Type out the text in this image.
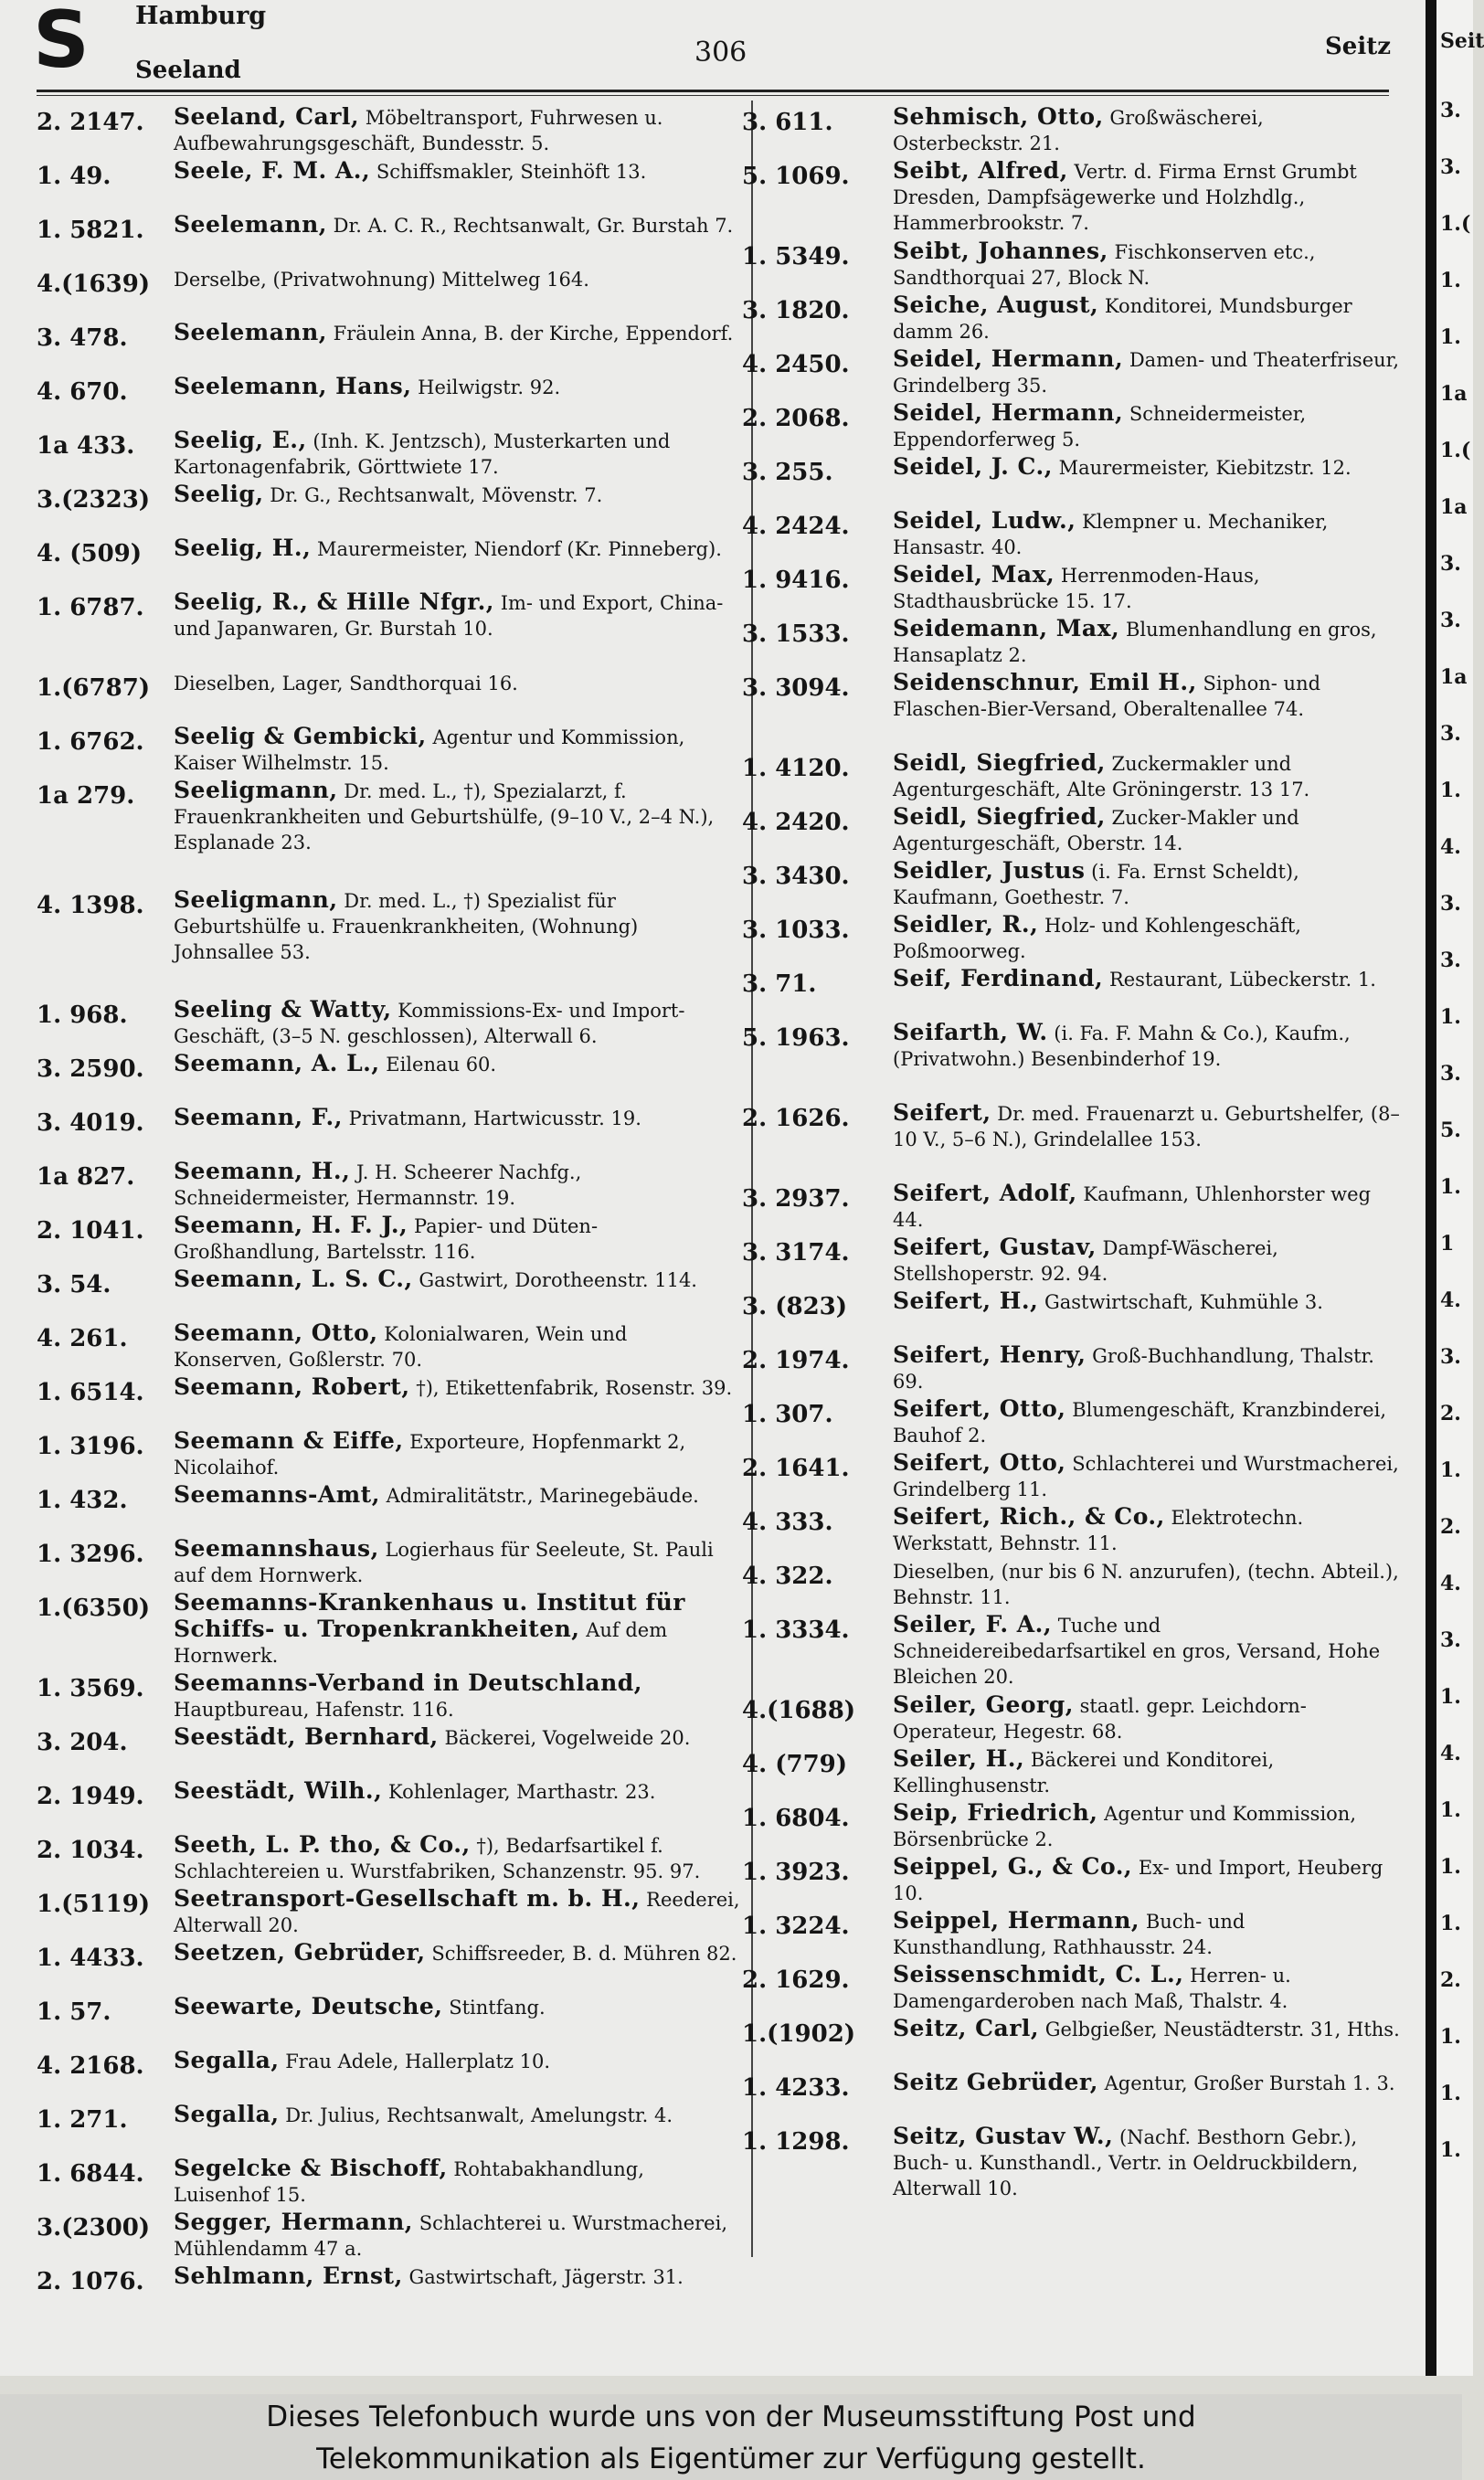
S Hamburg
Seeland
306	Seitz
2. 2147.	Seeland, Carl, Möbeltransport, Fuhrwesen u. Aufbewahrungsgeschäft, Bundesstr. 5.
1. 49.	Seele, F. M. A., Schiffsmakler, Steinhöft 13.
1. 5821.	Seelemann, Dr. A. C. R., Rechtsanwalt, Gr. Burstah 7.
4.(1639)	Derselbe, (Privatwohnung) Mittelweg 164.
3. 478.	Seelemann, Fräulein Anna, B. der Kirche, Eppendorf.
4. 670.	Seelemann, Hans, Heilwigstr. 92.
1a 433.	Seelig, E., (Inh. K. Jentzsch), Musterkarten und Kartonagenfabrik, Görttwiete 17.
3.(2323)	Seelig, Dr. G., Rechtsanwalt, Mövenstr. 7.
4. (509)	Seelig, H., Maurermeister, Niendorf (Kr. Pinneberg).
1. 6787.	Seelig, R., & Hille Nfgr., Im- und Export, China- und Japanwaren, Gr. Burstah 10.
1.(6787)	Dieselben, Lager, Sandthorquai 16.
1. 6762.	Seelig & Gembicki, Agentur und Kommission, Kaiser Wilhelmstr. 15.
1a 279.	Seeligmann, Dr. med. L., †), Spezialarzt, f. Frauenkrankheiten und Geburtshülfe, (9–10 V., 2–4 N.), Esplanade 23.
4. 1398.	Seeligmann, Dr. med. L., †) Spezialist für Geburtshülfe u. Frauenkrankheiten, (Wohnung) Johnsallee 53.
1. 968.	Seeling & Watty, Kommissions-Ex- und Import-Geschäft, (3–5 N. geschlossen), Alterwall 6.
3. 2590.	Seemann, A. L., Eilenau 60.
3. 4019.	Seemann, F., Privatmann, Hartwicusstr. 19.
1a 827.	Seemann, H., J. H. Scheerer Nachfg., Schneidermeister, Hermannstr. 19.
2. 1041.	Seemann, H. F. J., Papier- und Düten-Großhandlung, Bartelsstr. 116.
3. 54.	Seemann, L. S. C., Gastwirt, Dorotheenstr. 114.
4. 261.	Seemann, Otto, Kolonialwaren, Wein und Konserven, Goßlerstr. 70.
1. 6514.	Seemann, Robert, †), Etikettenfabrik, Rosenstr. 39.
1. 3196.	Seemann & Eiffe, Exporteure, Hopfenmarkt 2, Nicolaihof.
1. 432.	Seemanns-Amt, Admiralitätstr., Marinegebäude.
1. 3296.	Seemannshaus, Logierhaus für Seeleute, St. Pauli auf dem Hornwerk.
1.(6350)	Seemanns-Krankenhaus u. Institut für Schiffs- u. Tropenkrankheiten, Auf dem Hornwerk.
1. 3569.	Seemanns-Verband in Deutschland, Hauptbureau, Hafenstr. 116.
3. 204.	Seestädt, Bernhard, Bäckerei, Vogelweide 20.
2. 1949.	Seestädt, Wilh., Kohlenlager, Marthastr. 23.
2. 1034.	Seeth, L. P. tho, & Co., †), Bedarfsartikel f. Schlachtereien u. Wurstfabriken, Schanzenstr. 95. 97.
1.(5119)	Seetransport-Gesellschaft m. b. H., Reederei, Alterwall 20.
1. 4433.	Seetzen, Gebrüder, Schiffsreeder, B. d. Mühren 82.
1. 57.	Seewarte, Deutsche, Stintfang.
4. 2168.	Segalla, Frau Adele, Hallerplatz 10.
1. 271.	Segalla, Dr. Julius, Rechtsanwalt, Amelungstr. 4.
1. 6844.	Segelcke & Bischoff, Rohtabakhandlung, Luisenhof 15.
3.(2300)	Segger, Hermann, Schlachterei u. Wurstmacherei, Mühlendamm 47 a.
2. 1076.	Sehlmann, Ernst, Gastwirtschaft, Jägerstr. 31.
3. 611.	Sehmisch, Otto, Großwäscherei, Osterbeckstr. 21.
5. 1069.	Seibt, Alfred, Vertr. d. Firma Ernst Grumbt Dresden, Dampfsägewerke und Holzhdlg., Hammerbrookstr. 7.
1. 5349.	Seibt, Johannes, Fischkonserven etc., Sandthorquai 27, Block N.
3. 1820.	Seiche, August, Konditorei, Mundsburger damm 26.
4. 2450.	Seidel, Hermann, Damen- und Theaterfriseur, Grindelberg 35.
2. 2068.	Seidel, Hermann, Schneidermeister, Eppendorferweg 5.
3. 255.	Seidel, J. C., Maurermeister, Kiebitzstr. 12.
4. 2424.	Seidel, Ludw., Klempner u. Mechaniker, Hansastr. 40.
1. 9416.	Seidel, Max, Herrenmoden-Haus, Stadthausbrücke 15. 17.
3. 1533.	Seidemann, Max, Blumenhandlung en gros, Hansaplatz 2.
3. 3094.	Seidenschnur, Emil H., Siphon- und Flaschen-Bier-Versand, Oberaltenallee 74.
1. 4120.	Seidl, Siegfried, Zuckermakler und Agenturgeschäft, Alte Gröningerstr. 13 17.
4. 2420.	Seidl, Siegfried, Zucker-Makler und Agenturgeschäft, Oberstr. 14.
3. 3430.	Seidler, Justus (i. Fa. Ernst Scheldt), Kaufmann, Goethestr. 7.
3. 1033.	Seidler, R., Holz- und Kohlengeschäft, Poßmoorweg.
3. 71.	Seif, Ferdinand, Restaurant, Lübeckerstr. 1.
5. 1963.	Seifarth, W. (i. Fa. F. Mahn & Co.), Kaufm., (Privatwohn.) Besenbinderhof 19.
2. 1626.	Seifert, Dr. med. Frauenarzt u. Geburtshelfer, (8–10 V., 5–6 N.), Grindelallee 153.
3. 2937.	Seifert, Adolf, Kaufmann, Uhlenhorster weg 44.
3. 3174.	Seifert, Gustav, Dampf-Wäscherei, Stellshoperstr. 92. 94.
3. (823)	Seifert, H., Gastwirtschaft, Kuhmühle 3.
2. 1974.	Seifert, Henry, Groß-Buchhandlung, Thalstr. 69.
1. 307.	Seifert, Otto, Blumengeschäft, Kranzbinderei, Bauhof 2.
2. 1641.	Seifert, Otto, Schlachterei und Wurstmacherei, Grindelberg 11.
4. 333.	Seifert, Rich., & Co., Elektrotechn. Werkstatt, Behnstr. 11.
4. 322.	Dieselben, (nur bis 6 N. anzurufen), (techn. Abteil.), Behnstr. 11.
1. 3334.	Seiler, F. A., Tuche und Schneidereibedarfsartikel en gros, Versand, Hohe Bleichen 20.
4.(1688)	Seiler, Georg, staatl. gepr. Leichdorn-Operateur, Hegestr. 68.
4. (779)	Seiler, H., Bäckerei und Konditorei, Kellinghusenstr.
1. 6804.	Seip, Friedrich, Agentur und Kommission, Börsenbrücke 2.
1. 3923.	Seippel, G., & Co., Ex- und Import, Heuberg 10.
1. 3224.	Seippel, Hermann, Buch- und Kunsthandlung, Rathhausstr. 24.
2. 1629.	Seissenschmidt, C. L., Herren- u. Damengarderoben nach Maß, Thalstr. 4.
1.(1902)	Seitz, Carl, Gelbgießer, Neustädterstr. 31, Hths.
1. 4233.	Seitz Gebrüder, Agentur, Großer Burstah 1. 3.
1. 1298.	Seitz, Gustav W., (Nachf. Besthorn Gebr.), Buch- u. Kunsthandl., Vertr. in Oeldruckbildern, Alterwall 10.
Seit
3.
3.
1.(
1.
1.
1a
1.(
1a
3.
3.
1a
3.
1.
4.
3.
3.
1.
3.
5.
1.
1
4.
3.
2.
1.
2.
4.
3.
1.
4.
1.
1.
1.
2.
1.
1.
1.
Dieses Telefonbuch wurde uns von der Museumsstiftung Post und
Telekommunikation als Eigentümer zur Verfügung gestellt.
